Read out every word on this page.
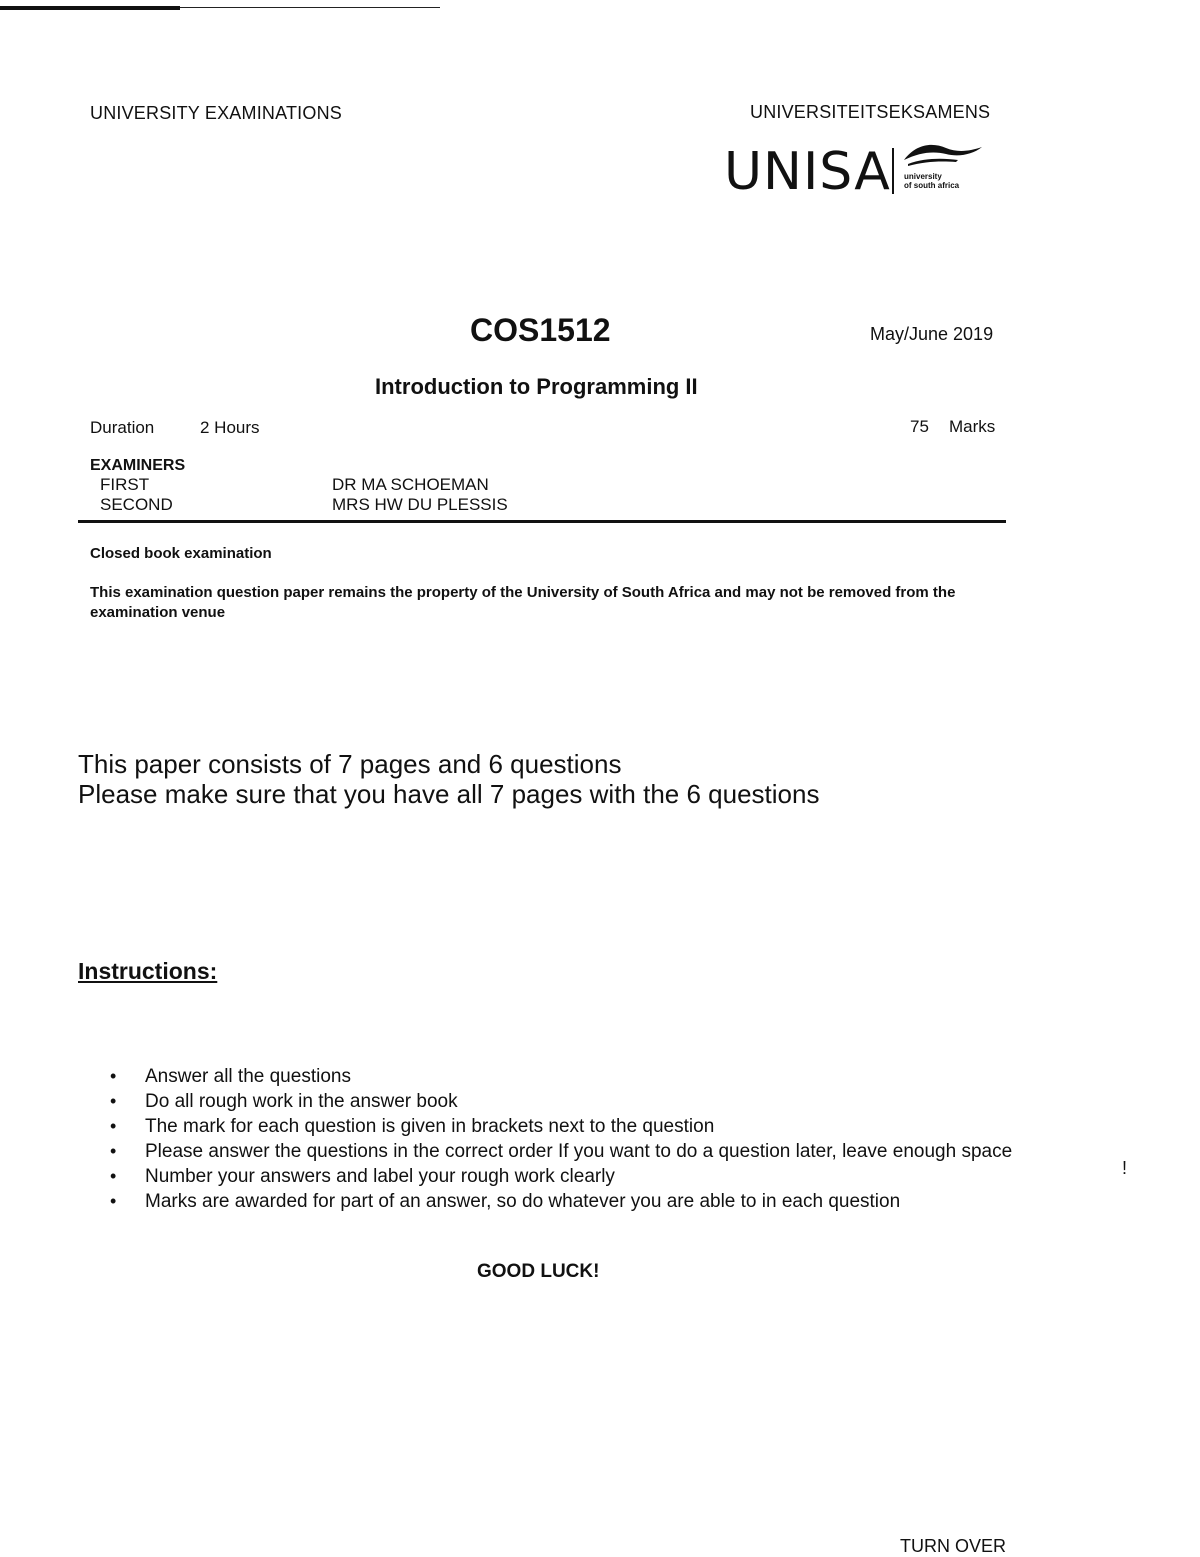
UNIVERSITY EXAMINATIONS	UNIVERSITEITSEKSAMENS
UNISA university
of south africa
COS1512	May/June 2019
Introduction to Programming II
Duration	2 Hours	75 Marks
EXAMINERS
FIRST	DR MA SCHOEMAN
SECOND	MRS HW DU PLESSIS
Closed book examination
This examination question paper remains the property of the University of South Africa and may not be removed from the examination venue
This paper consists of 7 pages and 6 questions
Please make sure that you have all 7 pages with the 6 questions
Instructions:
• Answer all the questions
• Do all rough work in the answer book
• The mark for each question is given in brackets next to the question
• Please answer the questions in the correct order If you want to do a question later, leave enough space
• Number your answers and label your rough work clearly
• Marks are awarded for part of an answer, so do whatever you are able to in each question
!
GOOD LUCK!
TURN OVER
